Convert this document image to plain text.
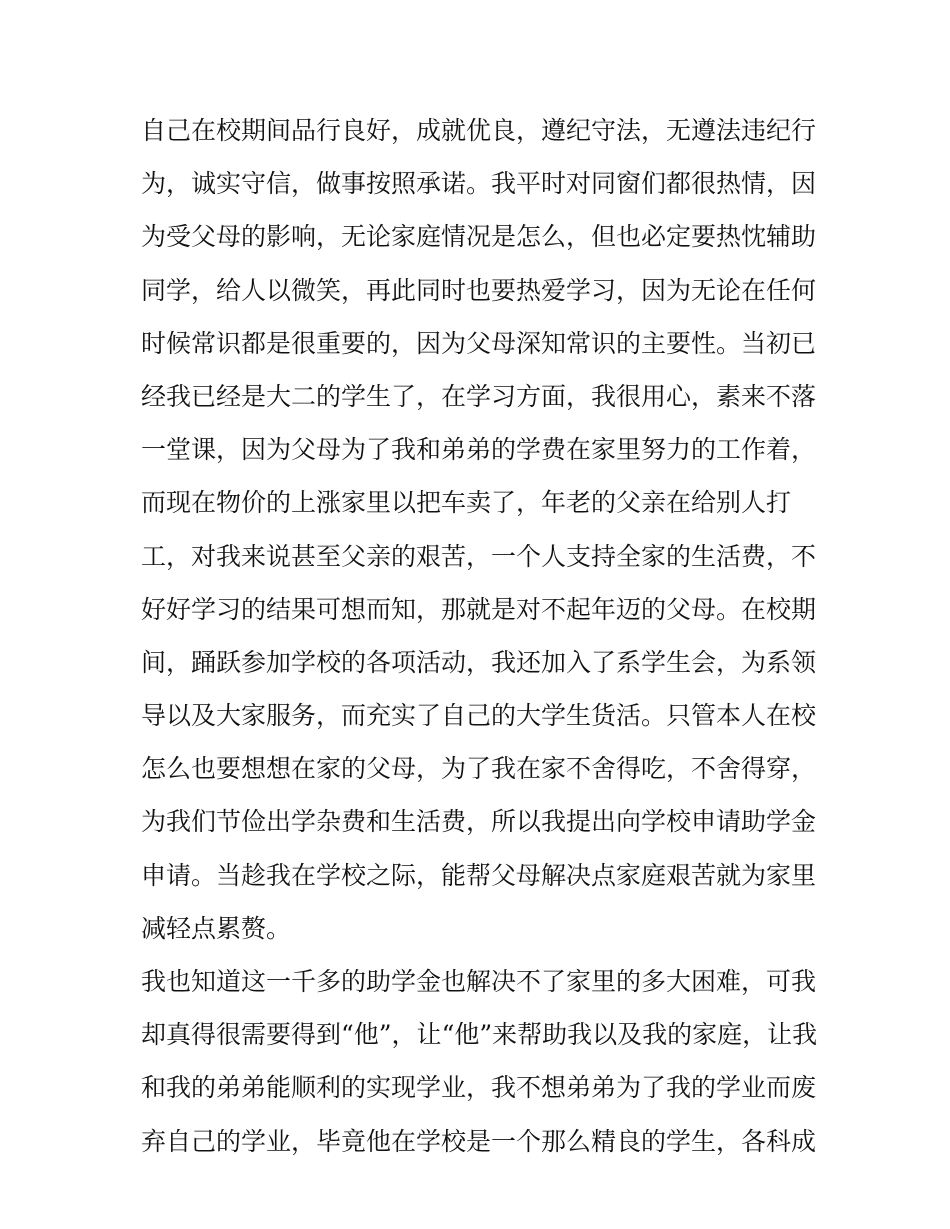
自己在校期间品行良好，成就优良，遵纪守法，无遵法违纪行
为，诚实守信，做事按照承诺。我平时对同窗们都很热情，因
为受父母的影响，无论家庭情况是怎么，但也必定要热忱辅助
同学，给人以微笑，再此同时也要热爱学习，因为无论在任何
时候常识都是很重要的，因为父母深知常识的主要性。当初已
经我已经是大二的学生了，在学习方面，我很用心，素来不落
一堂课，因为父母为了我和弟弟的学费在家里努力的工作着，
而现在物价的上涨家里以把车卖了，年老的父亲在给别人打
工，对我来说甚至父亲的艰苦，一个人支持全家的生活费，不
好好学习的结果可想而知，那就是对不起年迈的父母。在校期
间，踊跃参加学校的各项活动，我还加入了系学生会，为系领
导以及大家服务，而充实了自己的大学生货活。只管本人在校
怎么也要想想在家的父母，为了我在家不舍得吃，不舍得穿，
为我们节俭出学杂费和生活费，所以我提出向学校申请助学金
申请。当趁我在学校之际，能帮父母解决点家庭艰苦就为家里
减轻点累赘。
我也知道这一千多的助学金也解决不了家里的多大困难，可我
却真得很需要得到“他”，让“他”来帮助我以及我的家庭，让我
和我的弟弟能顺利的实现学业，我不想弟弟为了我的学业而废
弃自己的学业，毕竟他在学校是一个那么精良的学生，各科成
